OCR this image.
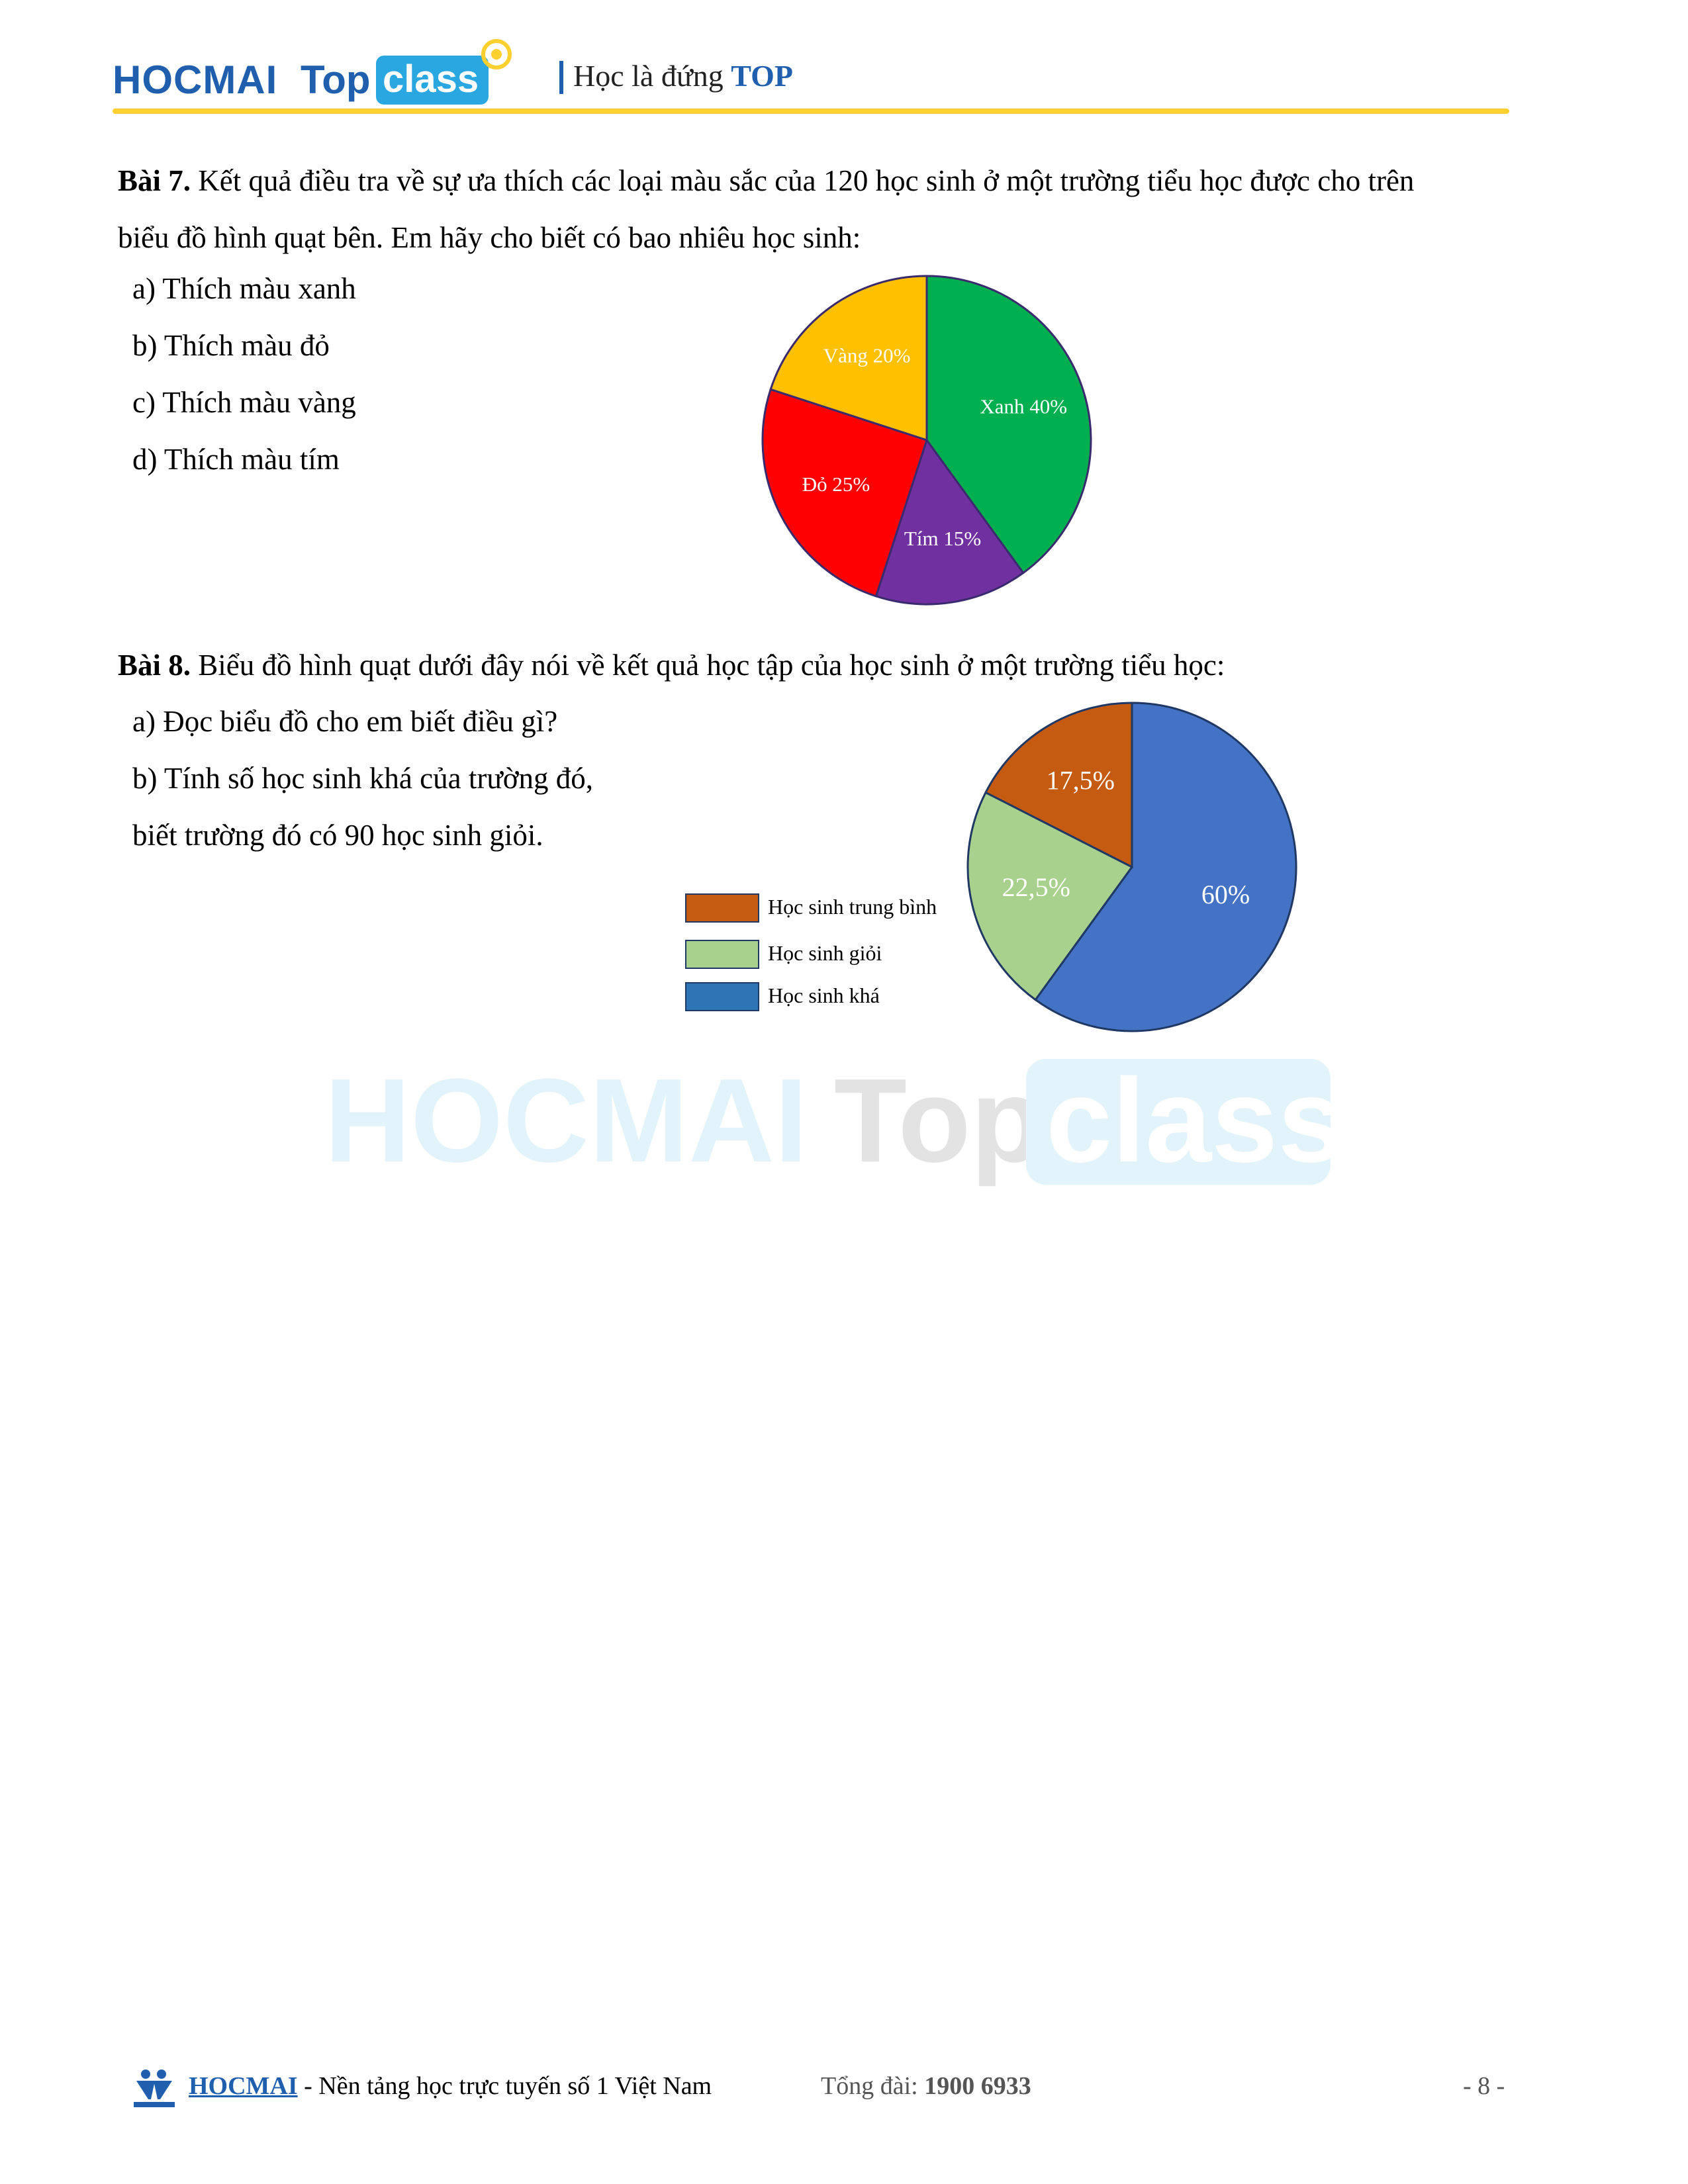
HOCMAI Top class	Học là đứng TOP
Bài 7. Kết quả điều tra về sự ưa thích các loại màu sắc của 120 học sinh ở một trường tiểu học được cho trên
biểu đồ hình quạt bên. Em hãy cho biết có bao nhiêu học sinh:
a) Thích màu xanh
b) Thích màu đỏ
c) Thích màu vàng
d) Thích màu tím
Xanh 40%
Tím 15%
Đỏ 25%
Vàng 20%
Bài 8. Biểu đồ hình quạt dưới đây nói về kết quả học tập của học sinh ở một trường tiểu học:
a) Đọc biểu đồ cho em biết điều gì?
b) Tính số học sinh khá của trường đó,
biết trường đó có 90 học sinh giỏi.
60%
22,5%
17,5%
Học sinh trung bình
Học sinh giỏi
Học sinh khá
HOCMAI Top class
HOCMAI - Nền tảng học trực tuyến số 1 Việt Nam	Tổng đài: 1900 6933	- 8 -
